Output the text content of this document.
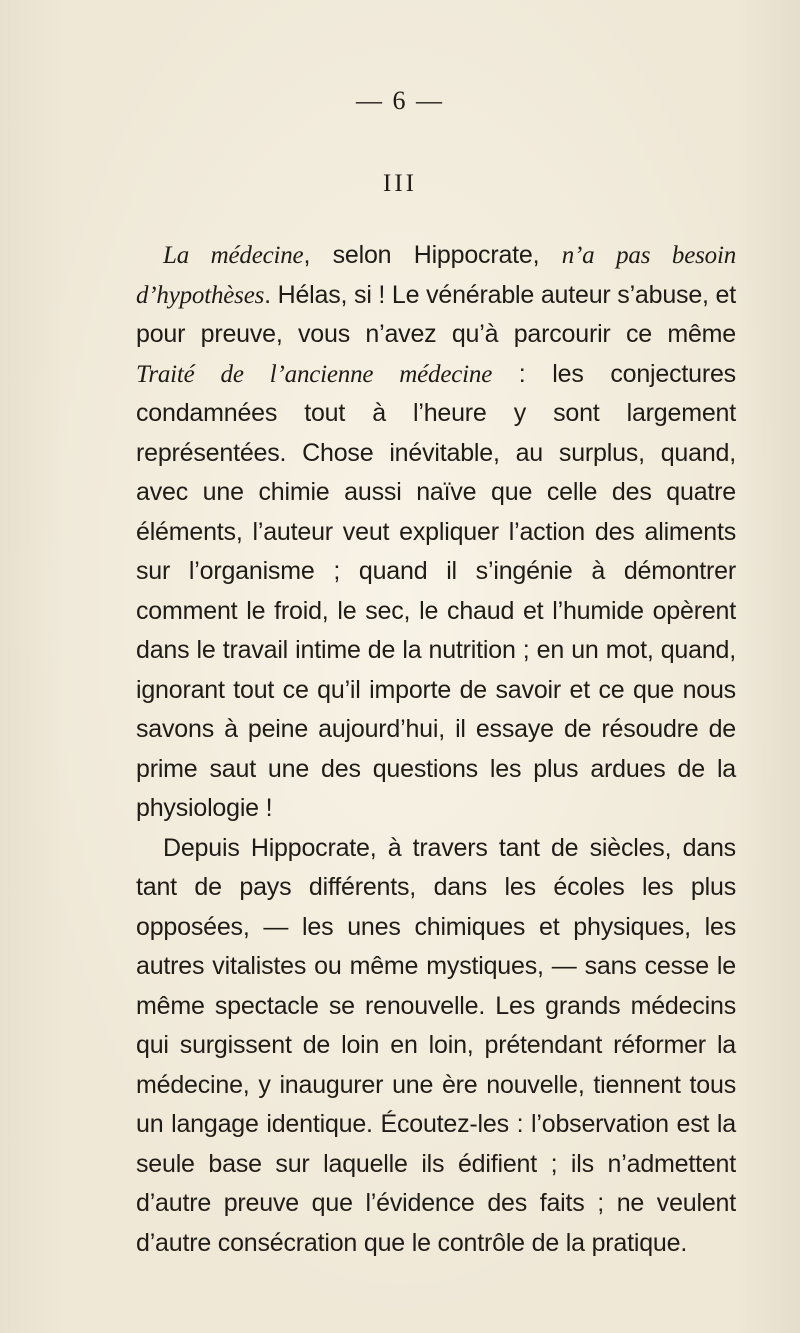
— 6 —
III

La médecine, selon Hippocrate, n’a pas besoin d’hypothèses. Hélas, si ! Le vénérable auteur s’abuse, et pour preuve, vous n’avez qu’à parcourir ce même Traité de l’ancienne médecine : les conjectures condamnées tout à l’heure y sont largement représentées. Chose inévitable, au surplus, quand, avec une chimie aussi naïve que celle des quatre éléments, l’auteur veut expliquer l’action des aliments sur l’organisme ; quand il s’ingénie à démontrer comment le froid, le sec, le chaud et l’humide opèrent dans le travail intime de la nutrition ; en un mot, quand, ignorant tout ce qu’il importe de savoir et ce que nous savons à peine aujourd’hui, il essaye de résoudre de prime saut une des questions les plus ardues de la physiologie !

Depuis Hippocrate, à travers tant de siècles, dans tant de pays différents, dans les écoles les plus opposées, — les unes chimiques et physiques, les autres vitalistes ou même mystiques, — sans cesse le même spectacle se renouvelle. Les grands médecins qui surgissent de loin en loin, prétendant réformer la médecine, y inaugurer une ère nouvelle, tiennent tous un langage identique. Écoutez-les : l’observation est la seule base sur laquelle ils édifient ; ils n’admettent d’autre preuve que l’évidence des faits ; ne veulent d’autre consécration que le contrôle de la pratique.
